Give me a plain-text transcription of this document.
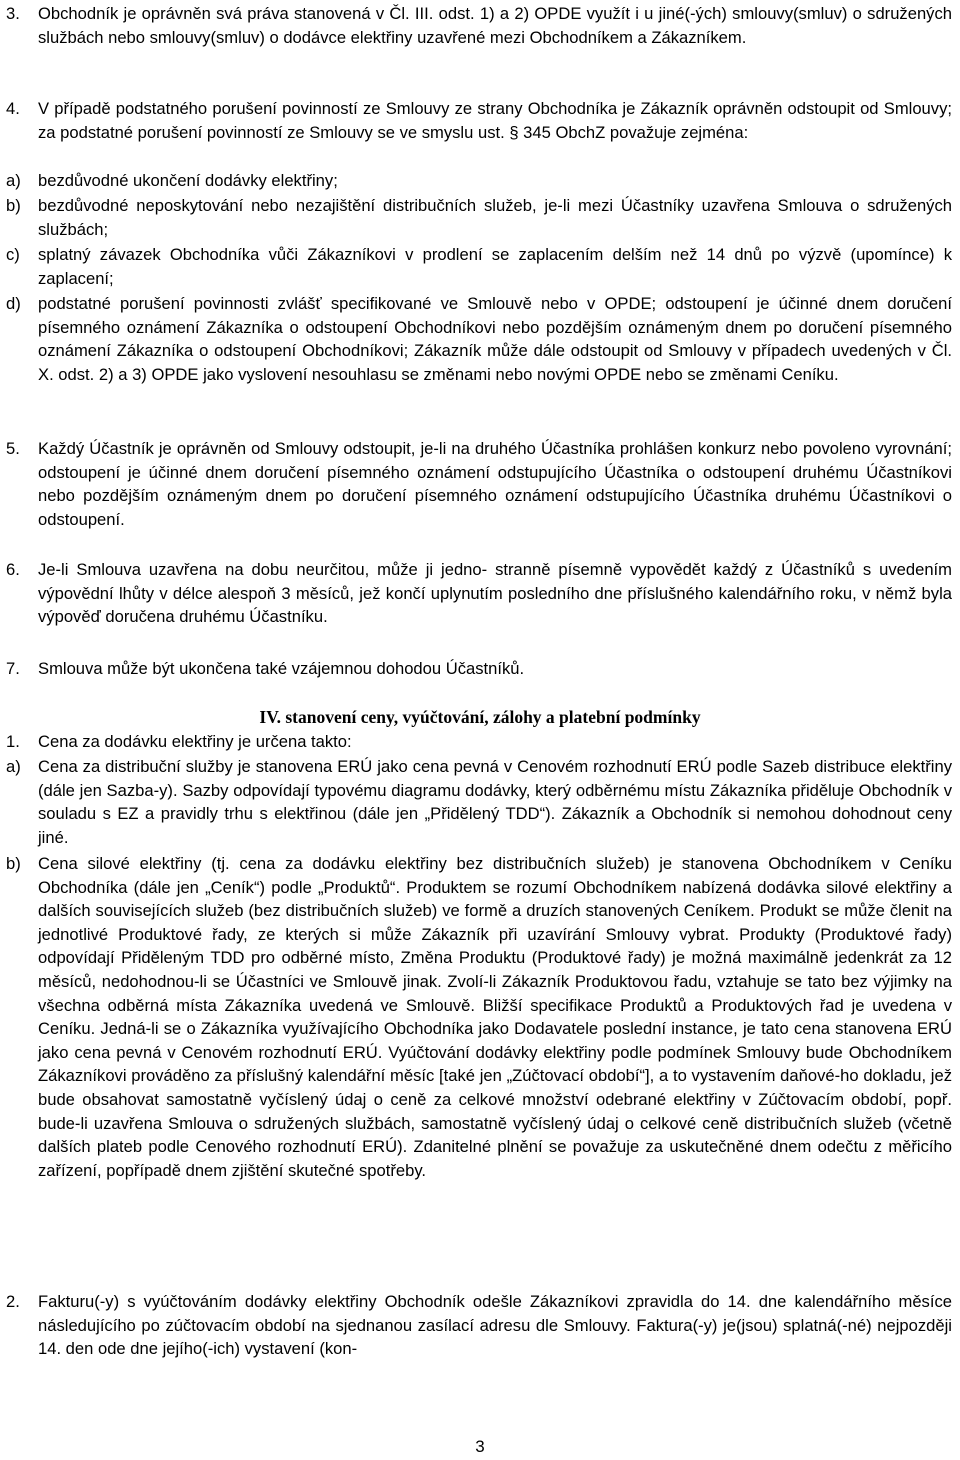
3.	Obchodník je oprávněn svá práva stanovená v Čl. III. odst. 1) a 2) OPDE využít i u jiné(-ých) smlouvy(smluv) o sdružených službách nebo smlouvy(smluv) o dodávce elektřiny uzavřené mezi Obchodníkem a Zákazníkem.
4.	V případě podstatného porušení povinností ze Smlouvy ze strany Obchodníka je Zákazník oprávněn odstoupit od Smlouvy; za podstatné porušení povinností ze Smlouvy se ve smyslu ust. § 345 ObchZ považuje zejména:
a)	bezdůvodné ukončení dodávky elektřiny;
b)	bezdůvodné neposkytování nebo nezajištění distribučních služeb, je-li mezi Účastníky uzavřena Smlouva o sdružených službách;
c)	splatný závazek Obchodníka vůči Zákazníkovi v prodlení se zaplacením delším než 14 dnů po výzvě (upomínce) k zaplacení;
d)	podstatné porušení povinnosti zvlášť specifikované ve Smlouvě nebo v OPDE; odstoupení je účinné dnem doručení písemného oznámení Zákazníka o odstoupení Obchodníkovi nebo pozdějším oznámeným dnem po doručení písemného oznámení Zákazníka o odstoupení Obchodníkovi; Zákazník může dále odstoupit od Smlouvy v případech uvedených v Čl. X. odst. 2) a 3) OPDE jako vyslovení nesouhlasu se změnami nebo novými OPDE nebo se změnami Ceníku.
5.	Každý Účastník je oprávněn od Smlouvy odstoupit, je-li na druhého Účastníka prohlášen konkurz nebo povoleno vyrovnání; odstoupení je účinné dnem doručení písemného oznámení odstupujícího Účastníka o odstoupení druhému Účastníkovi nebo pozdějším oznámeným dnem po doručení písemného oznámení odstupujícího Účastníka druhému Účastníkovi o odstoupení.
6.	Je-li Smlouva uzavřena na dobu neurčitou, může ji jedno- stranně písemně vypovědět každý z Účastníků s uvedením výpovědní lhůty v délce alespoň 3 měsíců, jež končí uplynutím posledního dne příslušného kalendářního roku, v němž byla výpověď doručena druhému Účastníku.
7.	Smlouva může být ukončena také vzájemnou dohodou Účastníků.
IV. stanovení ceny, vyúčtování, zálohy a platební podmínky
1.	Cena za dodávku elektřiny je určena takto:
a)	Cena za distribuční služby je stanovena ERÚ jako cena pevná v Cenovém rozhodnutí ERÚ podle Sazeb distribuce elektřiny (dále jen Sazba-y). Sazby odpovídají typovému diagramu dodávky, který odběrnému místu Zákazníka přiděluje Obchodník v souladu s EZ a pravidly trhu s elektřinou (dále jen „Přidělený TDD“). Zákazník a Obchodník si nemohou dohodnout ceny jiné.
b)	Cena silové elektřiny (tj. cena za dodávku elektřiny bez distribučních služeb) je stanovena Obchodníkem v Ceníku Obchodníka (dále jen „Ceník“) podle „Produktů“. Produktem se rozumí Obchodníkem nabízená dodávka silové elektřiny a dalších souvisejících služeb (bez distribučních služeb) ve formě a druzích stanovených Ceníkem. Produkt se může členit na jednotlivé Produktové řady, ze kterých si může Zákazník při uzavírání Smlouvy vybrat. Produkty (Produktové řady) odpovídají Přiděleným TDD pro odběrné místo, Změna Produktu (Produktové řady) je možná maximálně jedenkrát za 12 měsíců, nedohodnou-li se Účastníci ve Smlouvě jinak. Zvolí-li Zákazník Produktovou řadu, vztahuje se tato bez výjimky na všechna odběrná místa Zákazníka uvedená ve Smlouvě. Bližší specifikace Produktů a Produktových řad je uvedena v Ceníku. Jedná-li se o Zákazníka využívajícího Obchodníka jako Dodavatele poslední instance, je tato cena stanovena ERÚ jako cena pevná v Cenovém rozhodnutí ERÚ. Vyúčtování dodávky elektřiny podle podmínek Smlouvy bude Obchodníkem Zákazníkovi prováděno za příslušný kalendářní měsíc [také jen „Zúčtovací období“], a to vystavením daňové-ho dokladu, jež bude obsahovat samostatně vyčíslený údaj o ceně za celkové množství odebrané elektřiny v Zúčtovacím období, popř. bude-li uzavřena Smlouva o sdružených službách, samostatně vyčíslený údaj o celkové ceně distribučních služeb (včetně dalších plateb podle Cenového rozhodnutí ERÚ). Zdanitelné plnění se považuje za uskutečněné dnem odečtu z měřicího zařízení, popřípadě dnem zjištění skutečné spotřeby.
2.	Fakturu(-y) s vyúčtováním dodávky elektřiny Obchodník odešle Zákazníkovi zpravidla do 14. dne kalendářního měsíce následujícího po zúčtovacím období na sjednanou zasílací adresu dle Smlouvy. Faktura(-y) je(jsou) splatná(-né) nejpozději 14. den ode dne jejího(-ich) vystavení (kon-
3
